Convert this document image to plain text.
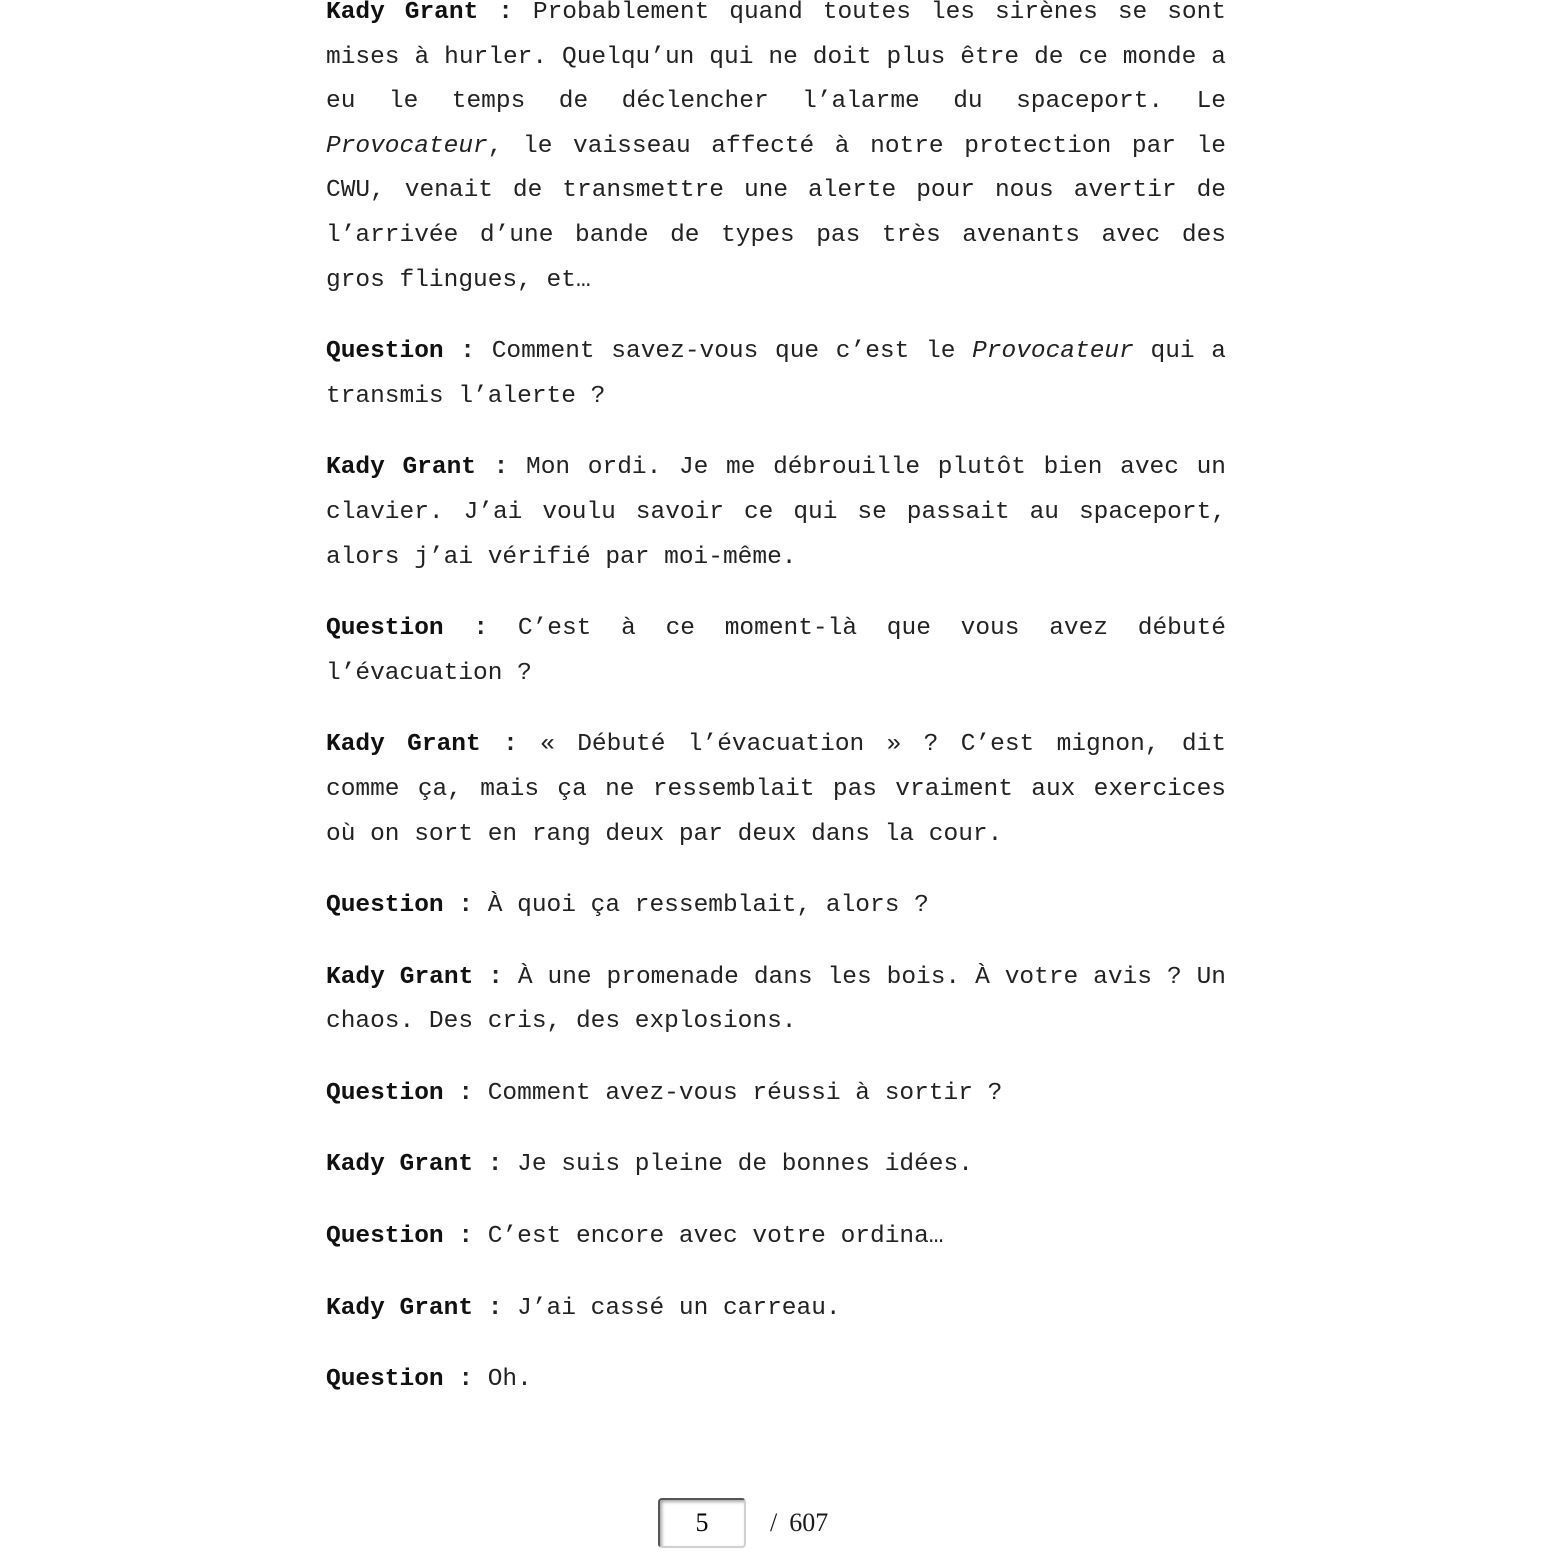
Kady Grant : Probablement quand toutes les sirènes se sont mises à hurler. Quelqu’un qui ne doit plus être de ce monde a eu le temps de déclencher l’alarme du spaceport. Le Provocateur, le vaisseau affecté à notre protection par le CWU, venait de transmettre une alerte pour nous avertir de l’arrivée d’une bande de types pas très avenants avec des gros flingues, et…

Question : Comment savez-vous que c’est le Provocateur qui a transmis l’alerte ?

Kady Grant : Mon ordi. Je me débrouille plutôt bien avec un clavier. J’ai voulu savoir ce qui se passait au spaceport, alors j’ai vérifié par moi-même.

Question : C’est à ce moment-là que vous avez débuté l’évacuation ?

Kady Grant : « Débuté l’évacuation » ? C’est mignon, dit comme ça, mais ça ne ressemblait pas vraiment aux exercices où on sort en rang deux par deux dans la cour.

Question : À quoi ça ressemblait, alors ?

Kady Grant : À une promenade dans les bois. À votre avis ? Un chaos. Des cris, des explosions.

Question : Comment avez-vous réussi à sortir ?

Kady Grant : Je suis pleine de bonnes idées.

Question : C’est encore avec votre ordina…

Kady Grant : J’ai cassé un carreau.

Question : Oh.

5
/ 607
